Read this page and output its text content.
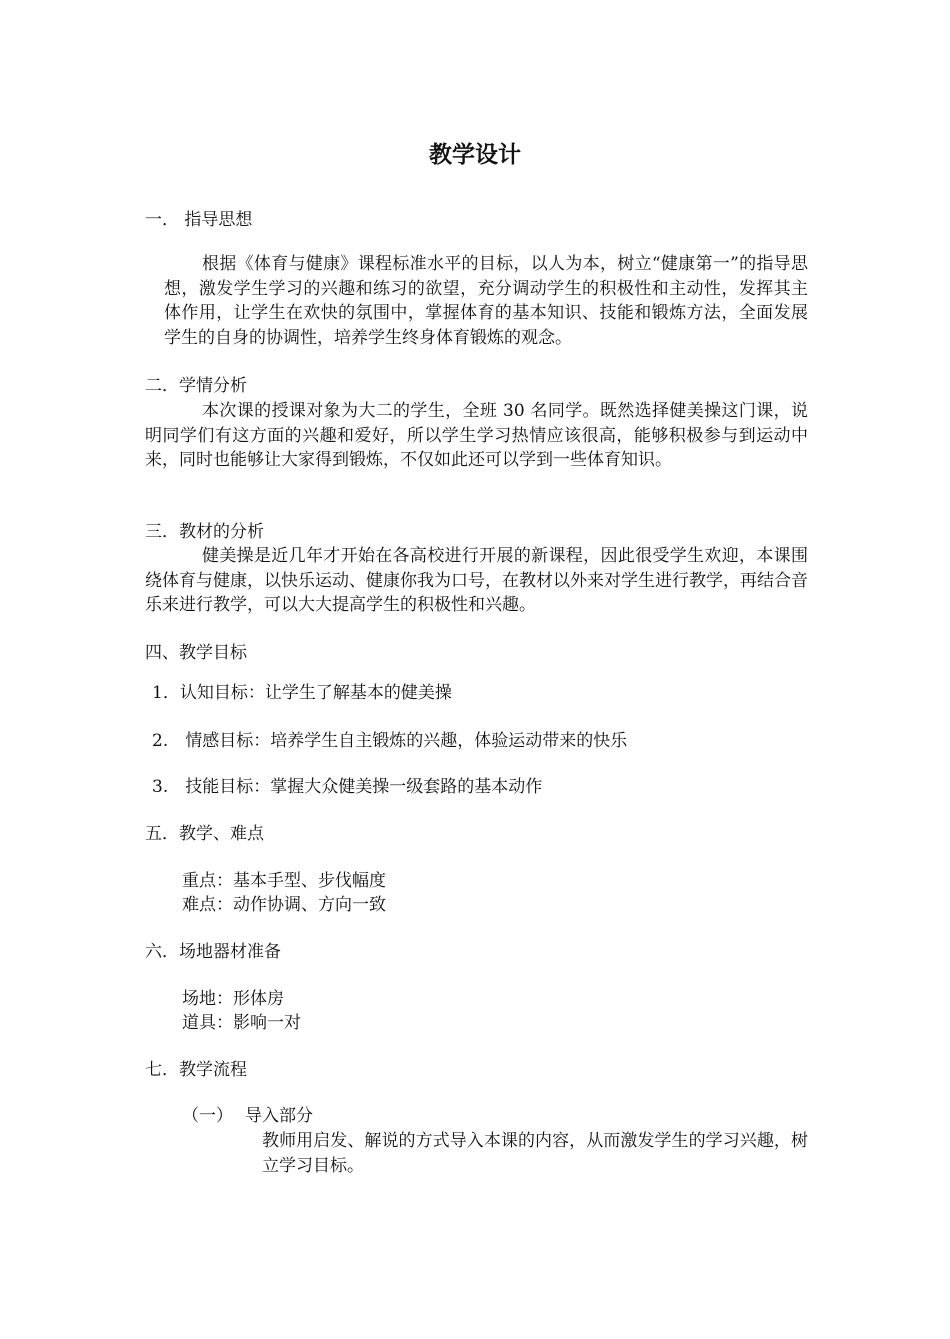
教学设计

一． 指导思想

根据《体育与健康》课程标准水平的目标，以人为本，树立“健康第一”的指导思想，激发学生学习的兴趣和练习的欲望，充分调动学生的积极性和主动性，发挥其主体作用，让学生在欢快的氛围中，掌握体育的基本知识、技能和锻炼方法，全面发展学生的自身的协调性，培养学生终身体育锻炼的观念。

二．学情分析

本次课的授课对象为大二的学生，全班 30 名同学。既然选择健美操这门课，说明同学们有这方面的兴趣和爱好，所以学生学习热情应该很高，能够积极参与到运动中来，同时也能够让大家得到锻炼，不仅如此还可以学到一些体育知识。

三．教材的分析

健美操是近几年才开始在各高校进行开展的新课程，因此很受学生欢迎，本课围绕体育与健康，以快乐运动、健康你我为口号，在教材以外来对学生进行教学，再结合音乐来进行教学，可以大大提高学生的积极性和兴趣。

四、教学目标

1．认知目标：让学生了解基本的健美操

2.　情感目标：培养学生自主锻炼的兴趣，体验运动带来的快乐

3.　技能目标：掌握大众健美操一级套路的基本动作

五．教学、难点

重点：基本手型、步伐幅度

难点：动作协调、方向一致

六．场地器材准备

场地：形体房

道具：影响一对

七．教学流程

（一） 导入部分

教师用启发、解说的方式导入本课的内容，从而激发学生的学习兴趣，树立学习目标。
